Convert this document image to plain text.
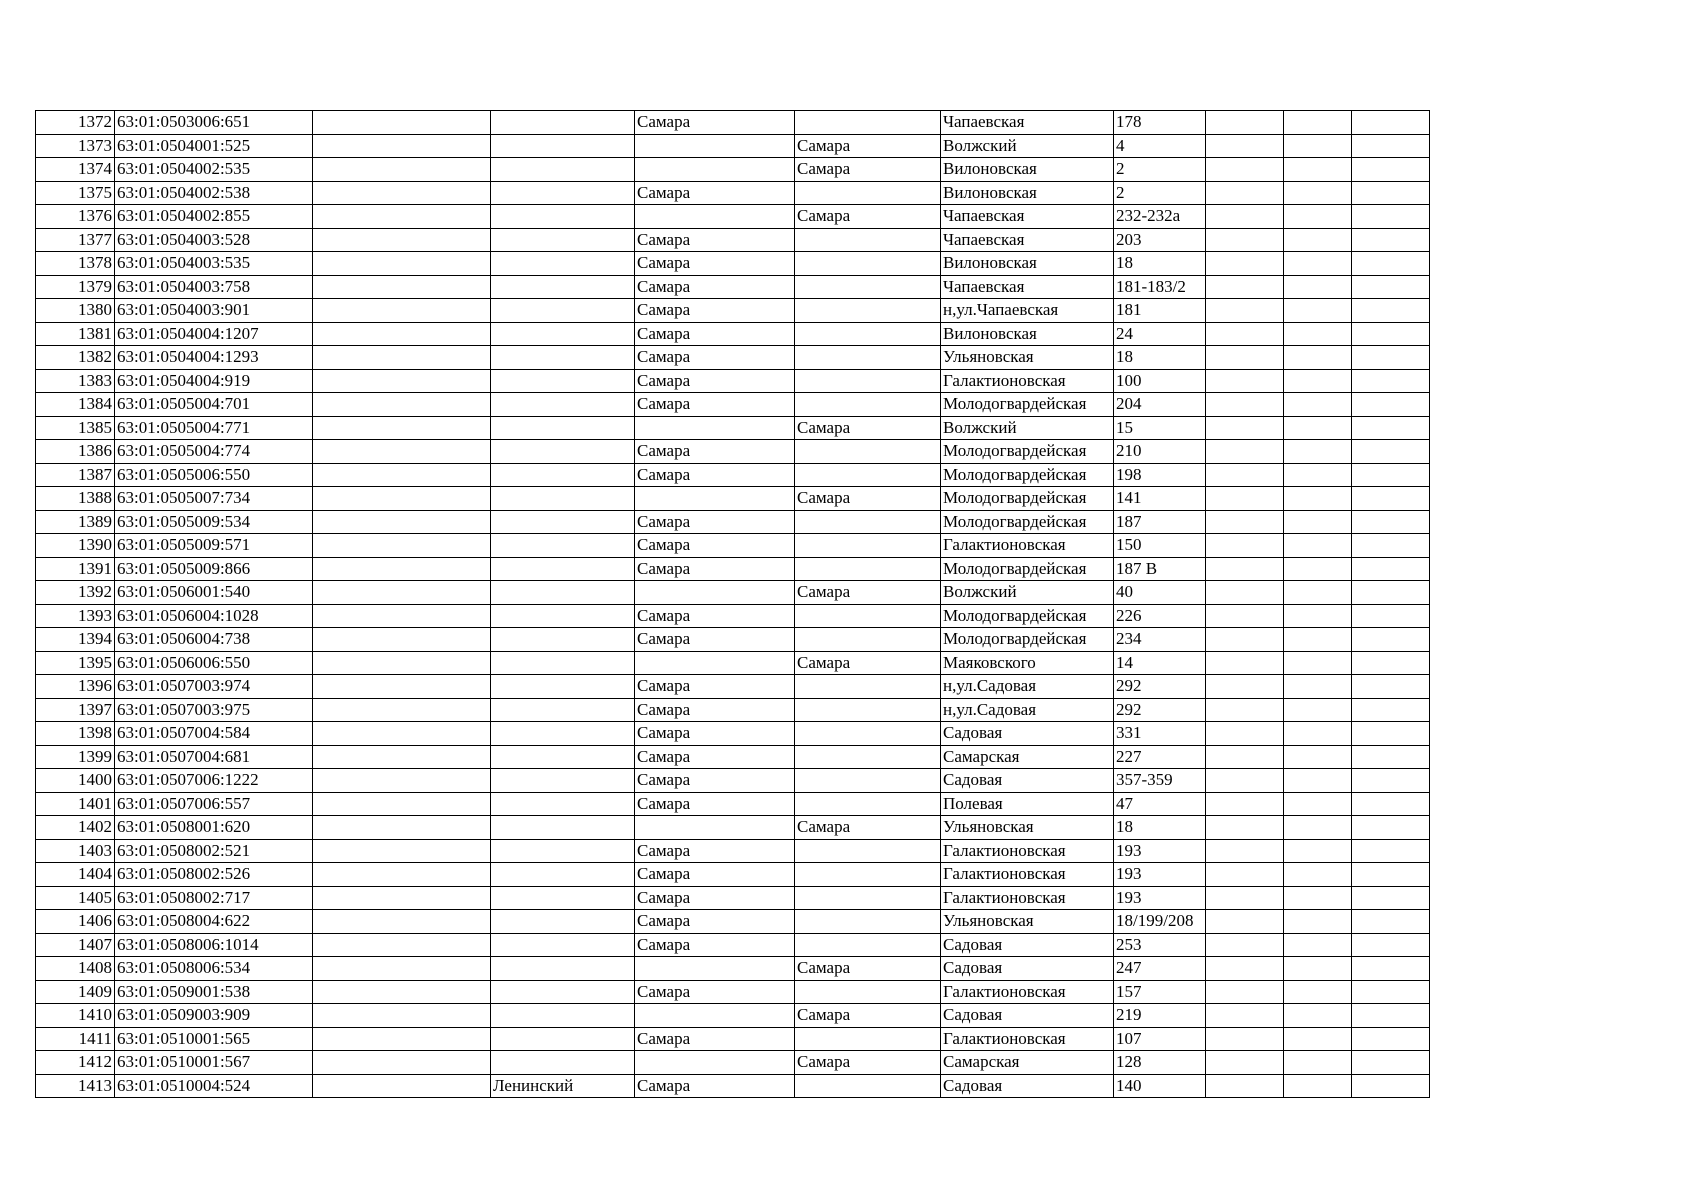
1372	63:01:0503006:651			Самара		Чапаевская	178			
1373	63:01:0504001:525				Самара	Волжский	4			
1374	63:01:0504002:535				Самара	Вилоновская	2			
1375	63:01:0504002:538			Самара		Вилоновская	2			
1376	63:01:0504002:855				Самара	Чапаевская	232-232а			
1377	63:01:0504003:528			Самара		Чапаевская	203			
1378	63:01:0504003:535			Самара		Вилоновская	18			
1379	63:01:0504003:758			Самара		Чапаевская	181-183/2			
1380	63:01:0504003:901			Самара		н,ул.Чапаевская	181			
1381	63:01:0504004:1207			Самара		Вилоновская	24			
1382	63:01:0504004:1293			Самара		Ульяновская	18			
1383	63:01:0504004:919			Самара		Галактионовская	100			
1384	63:01:0505004:701			Самара		Молодогвардейская	204			
1385	63:01:0505004:771				Самара	Волжский	15			
1386	63:01:0505004:774			Самара		Молодогвардейская	210			
1387	63:01:0505006:550			Самара		Молодогвардейская	198			
1388	63:01:0505007:734				Самара	Молодогвардейская	141			
1389	63:01:0505009:534			Самара		Молодогвардейская	187			
1390	63:01:0505009:571			Самара		Галактионовская	150			
1391	63:01:0505009:866			Самара		Молодогвардейская	187 В			
1392	63:01:0506001:540				Самара	Волжский	40			
1393	63:01:0506004:1028			Самара		Молодогвардейская	226			
1394	63:01:0506004:738			Самара		Молодогвардейская	234			
1395	63:01:0506006:550				Самара	Маяковского	14			
1396	63:01:0507003:974			Самара		н,ул.Садовая	292			
1397	63:01:0507003:975			Самара		н,ул.Садовая	292			
1398	63:01:0507004:584			Самара		Садовая	331			
1399	63:01:0507004:681			Самара		Самарская	227			
1400	63:01:0507006:1222			Самара		Садовая	357-359			
1401	63:01:0507006:557			Самара		Полевая	47			
1402	63:01:0508001:620				Самара	Ульяновская	18			
1403	63:01:0508002:521			Самара		Галактионовская	193			
1404	63:01:0508002:526			Самара		Галактионовская	193			
1405	63:01:0508002:717			Самара		Галактионовская	193			
1406	63:01:0508004:622			Самара		Ульяновская	18/199/208			
1407	63:01:0508006:1014			Самара		Садовая	253			
1408	63:01:0508006:534				Самара	Садовая	247			
1409	63:01:0509001:538			Самара		Галактионовская	157			
1410	63:01:0509003:909				Самара	Садовая	219			
1411	63:01:0510001:565			Самара		Галактионовская	107			
1412	63:01:0510001:567				Самара	Самарская	128			
1413	63:01:0510004:524		Ленинский	Самара		Садовая	140			
